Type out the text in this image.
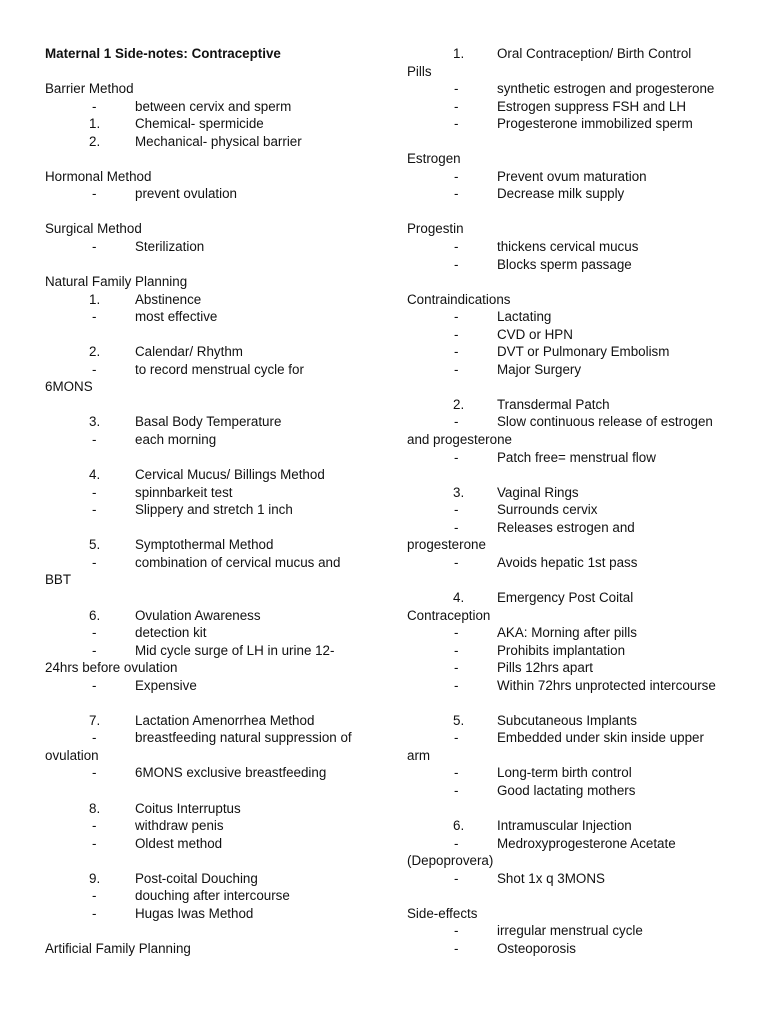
Maternal 1 Side-notes: Contraceptive
Barrier Method
-	between cervix and sperm
1.	Chemical- spermicide
2.	Mechanical- physical barrier
Hormonal Method
-	prevent ovulation
Surgical Method
-	Sterilization
Natural Family Planning
1.	Abstinence
-	most effective
2.	Calendar/ Rhythm
-	to record menstrual cycle for
6MONS
3.	Basal Body Temperature
-	each morning
4.	Cervical Mucus/ Billings Method
-	spinnbarkeit test
-	Slippery and stretch 1 inch
5.	Symptothermal Method
-	combination of cervical mucus and
BBT
6.	Ovulation Awareness
-	detection kit
-	Mid cycle surge of LH in urine 12-
24hrs before ovulation
-	Expensive
7.	Lactation Amenorrhea Method
-	breastfeeding natural suppression of
ovulation
-	6MONS exclusive breastfeeding
8.	Coitus Interruptus
-	withdraw penis
-	Oldest method
9.	Post-coital Douching
-	douching after intercourse
-	Hugas Iwas Method
Artificial Family Planning
1. Oral Contraception/ Birth Control
Pills
-	synthetic estrogen and progesterone
-	Estrogen suppress FSH and LH
-	Progesterone immobilized sperm
Estrogen
-	Prevent ovum maturation
-	Decrease milk supply
Progestin
-	thickens cervical mucus
-	Blocks sperm passage
Contraindications
-	Lactating
-	CVD or HPN
-	DVT or Pulmonary Embolism
-	Major Surgery
2. Transdermal Patch
-	Slow continuous release of estrogen
and progesterone
-	Patch free= menstrual flow
3. Vaginal Rings
-	Surrounds cervix
-	Releases estrogen and
progesterone
-	Avoids hepatic 1st pass
4. Emergency Post Coital
Contraception
-	AKA: Morning after pills
-	Prohibits implantation
-	Pills 12hrs apart
-	Within 72hrs unprotected intercourse
5. Subcutaneous Implants
-	Embedded under skin inside upper
arm
-	Long-term birth control
-	Good lactating mothers
6. Intramuscular Injection
-	Medroxyprogesterone Acetate
(Depoprovera)
-	Shot 1x q 3MONS
Side-effects
-	irregular menstrual cycle
-	Osteoporosis
